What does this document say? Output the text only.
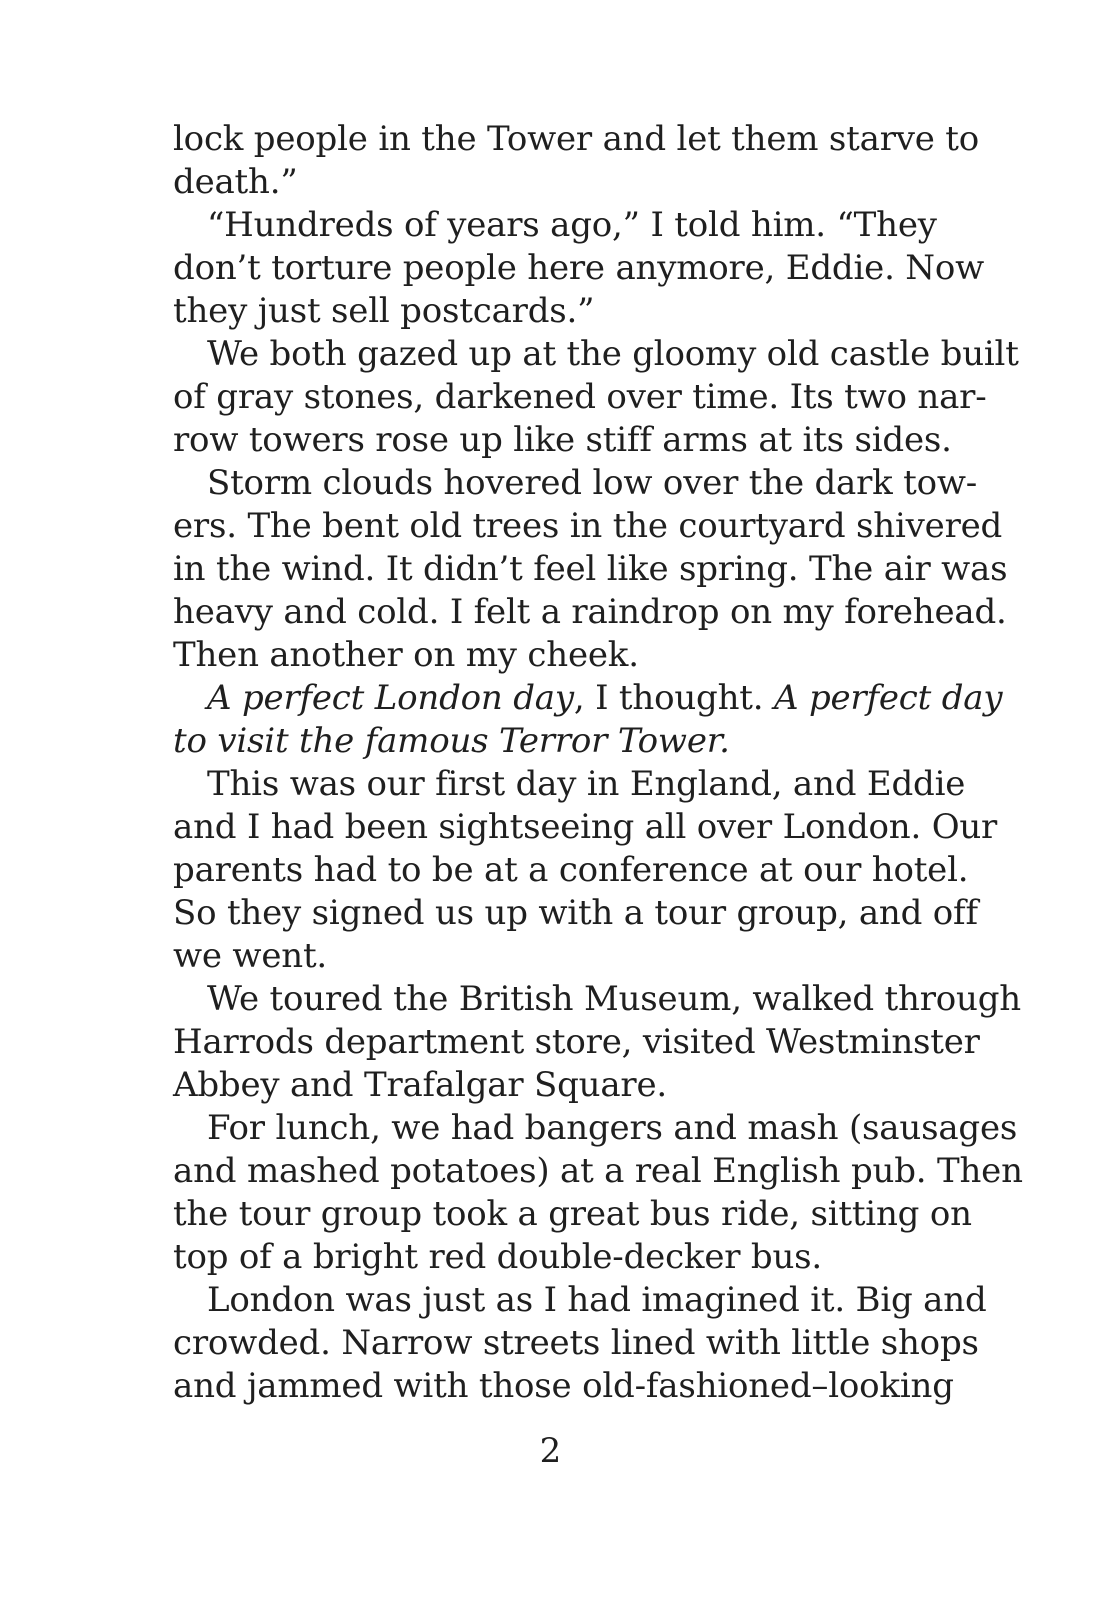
lock people in the Tower and let them starve to
death.”
“Hundreds of years ago,” I told him. “They
don’t torture people here anymore, Eddie. Now
they just sell postcards.”
We both gazed up at the gloomy old castle built
of gray stones, darkened over time. Its two nar-
row towers rose up like stiff arms at its sides.
Storm clouds hovered low over the dark tow-
ers. The bent old trees in the courtyard shivered
in the wind. It didn’t feel like spring. The air was
heavy and cold. I felt a raindrop on my forehead.
Then another on my cheek.
A perfect London day, I thought. A perfect day
to visit the famous Terror Tower.
This was our first day in England, and Eddie
and I had been sightseeing all over London. Our
parents had to be at a conference at our hotel.
So they signed us up with a tour group, and off
we went.
We toured the British Museum, walked through
Harrods department store, visited Westminster
Abbey and Trafalgar Square.
For lunch, we had bangers and mash (sausages
and mashed potatoes) at a real English pub. Then
the tour group took a great bus ride, sitting on
top of a bright red double-decker bus.
London was just as I had imagined it. Big and
crowded. Narrow streets lined with little shops
and jammed with those old-fashioned–looking
2
